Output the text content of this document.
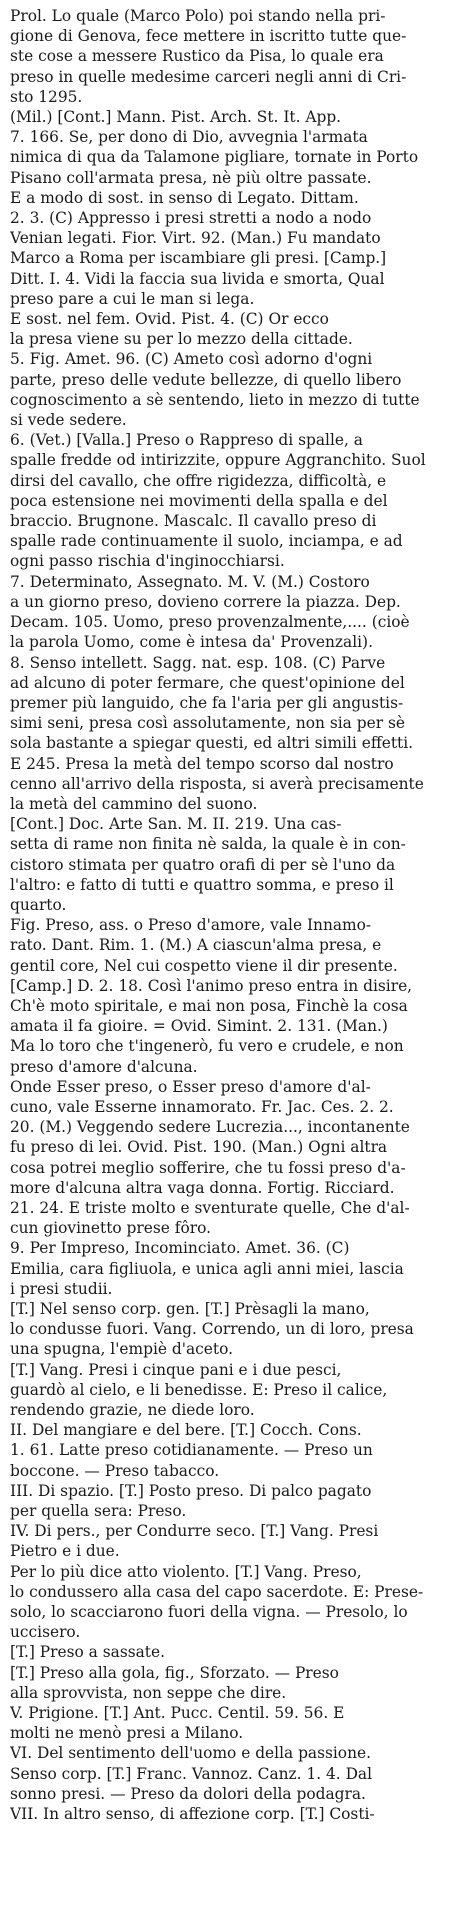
Prol. Lo quale (Marco Polo) poi stando nella pri-
gione di Genova, fece mettere in iscritto tutte que-
ste cose a messere Rustico da Pisa, lo quale era
preso in quelle medesime carceri negli anni di Cri-
sto 1295.
(Mil.) [Cont.] Mann. Pist. Arch. St. It. App.
7. 166. Se, per dono di Dio, avvegnia l'armata
nimica di qua da Talamone pigliare, tornate in Porto
Pisano coll'armata presa, nè più oltre passate.
E a modo di sost. in senso di Legato. Dittam.
2. 3. (C) Appresso i presi stretti a nodo a nodo
Venian legati. Fior. Virt. 92. (Man.) Fu mandato
Marco a Roma per iscambiare gli presi. [Camp.]
Ditt. I. 4. Vidi la faccia sua livida e smorta, Qual
preso pare a cui le man si lega.
E sost. nel fem. Ovid. Pist. 4. (C) Or ecco
la presa viene su per lo mezzo della cittade.
5. Fig. Amet. 96. (C) Ameto così adorno d'ogni
parte, preso delle vedute bellezze, di quello libero
cognoscimento a sè sentendo, lieto in mezzo di tutte
si vede sedere.
6. (Vet.) [Valla.] Preso o Rappreso di spalle, a
spalle fredde od intirizzite, oppure Aggranchito. Suol
dirsi del cavallo, che offre rigidezza, difficoltà, e
poca estensione nei movimenti della spalla e del
braccio. Brugnone. Mascalc. Il cavallo preso di
spalle rade continuamente il suolo, inciampa, e ad
ogni passo rischia d'inginocchiarsi.
7. Determinato, Assegnato. M. V. (M.) Costoro
a un giorno preso, dovieno correre la piazza. Dep.
Decam. 105. Uomo, preso provenzalmente,.... (cioè
la parola Uomo, come è intesa da' Provenzali).
8. Senso intellett. Sagg. nat. esp. 108. (C) Parve
ad alcuno di poter fermare, che quest'opinione del
premer più languido, che fa l'aria per gli angustis-
simi seni, presa così assolutamente, non sia per sè
sola bastante a spiegar questi, ed altri simili effetti.
E 245. Presa la metà del tempo scorso dal nostro
cenno all'arrivo della risposta, si averà precisamente
la metà del cammino del suono.
[Cont.] Doc. Arte San. M. II. 219. Una cas-
setta di rame non finita nè salda, la quale è in con-
cistoro stimata per quatro orafi di per sè l'uno da
l'altro: e fatto di tutti e quattro somma, e preso il
quarto.
Fig. Preso, ass. o Preso d'amore, vale Innamo-
rato. Dant. Rim. 1. (M.) A ciascun'alma presa, e
gentil core, Nel cui cospetto viene il dir presente.
[Camp.] D. 2. 18. Così l'animo preso entra in disire,
Ch'è moto spiritale, e mai non posa, Finchè la cosa
amata il fa gioire. = Ovid. Simint. 2. 131. (Man.)
Ma lo toro che t'ingenerò, fu vero e crudele, e non
preso d'amore d'alcuna.
Onde Esser preso, o Esser preso d'amore d'al-
cuno, vale Esserne innamorato. Fr. Jac. Ces. 2. 2.
20. (M.) Veggendo sedere Lucrezia..., incontanente
fu preso di lei. Ovid. Pist. 190. (Man.) Ogni altra
cosa potrei meglio sofferire, che tu fossi preso d'a-
more d'alcuna altra vaga donna. Fortig. Ricciard.
21. 24. E triste molto e sventurate quelle, Che d'al-
cun giovinetto prese fôro.
9. Per Impreso, Incominciato. Amet. 36. (C)
Emilia, cara figliuola, e unica agli anni miei, lascia
i presi studii.
[T.] Nel senso corp. gen. [T.] Prèsagli la mano,
lo condusse fuori. Vang. Correndo, un di loro, presa
una spugna, l'empiè d'aceto.
[T.] Vang. Presi i cinque pani e i due pesci,
guardò al cielo, e li benedisse. E: Preso il calice,
rendendo grazie, ne diede loro.
II. Del mangiare e del bere. [T.] Cocch. Cons.
1. 61. Latte preso cotidianamente. — Preso un
boccone. — Preso tabacco.
III. Di spazio. [T.] Posto preso. Di palco pagato
per quella sera: Preso.
IV. Di pers., per Condurre seco. [T.] Vang. Presi
Pietro e i due.
Per lo più dice atto violento. [T.] Vang. Preso,
lo condussero alla casa del capo sacerdote. E: Prese-
solo, lo scacciarono fuori della vigna. — Presolo, lo
uccisero.
[T.] Preso a sassate.
[T.] Preso alla gola, fig., Sforzato. — Preso
alla sprovvista, non seppe che dire.
V. Prigione. [T.] Ant. Pucc. Centil. 59. 56. E
molti ne menò presi a Milano.
VI. Del sentimento dell'uomo e della passione.
Senso corp. [T.] Franc. Vannoz. Canz. 1. 4. Dal
sonno presi. — Preso da dolori della podagra.
VII. In altro senso, di affezione corp. [T.] Costi-
